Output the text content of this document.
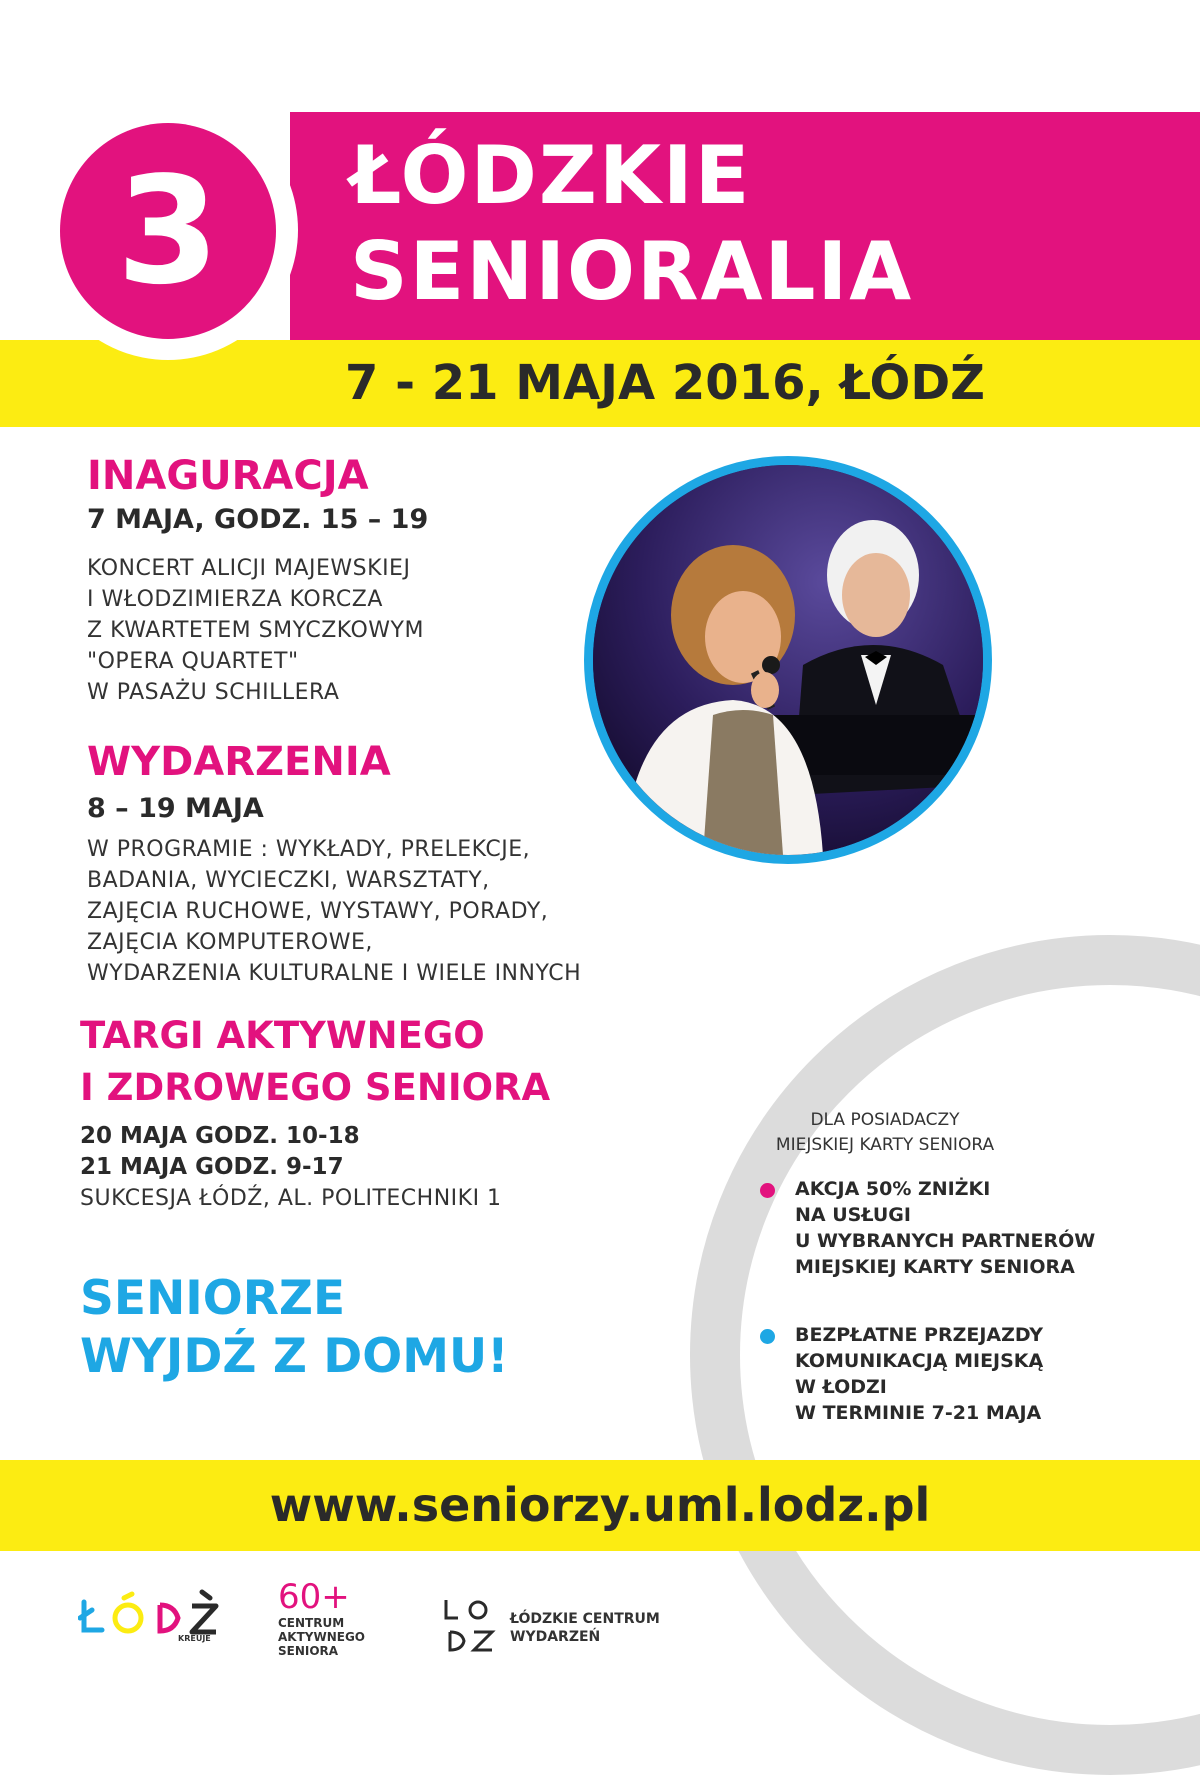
3	ŁÓDZKIE
SENIORALIA
7 - 21 MAJA 2016, ŁÓDŹ
INAGURACJA
7 MAJA, GODZ. 15 – 19
KONCERT ALICJI MAJEWSKIEJ
I WŁODZIMIERZA KORCZA
Z KWARTETEM SMYCZKOWYM
"OPERA QUARTET"
W PASAŻU SCHILLERA
WYDARZENIA
8 – 19 MAJA
W PROGRAMIE : WYKŁADY, PRELEKCJE,
BADANIA, WYCIECZKI, WARSZTATY,
ZAJĘCIA RUCHOWE, WYSTAWY, PORADY,
ZAJĘCIA KOMPUTEROWE,
WYDARZENIA KULTURALNE I WIELE INNYCH
TARGI AKTYWNEGO
I ZDROWEGO SENIORA
20 MAJA GODZ. 10-18
21 MAJA GODZ. 9-17
SUKCESJA ŁÓDŹ, AL. POLITECHNIKI 1
SENIORZE
WYJDŹ Z DOMU!
DLA POSIADACZY
MIEJSKIEJ KARTY SENIORA
AKCJA 50% ZNIŻKI
NA USŁUGI
U WYBRANYCH PARTNERÓW
MIEJSKIEJ KARTY SENIORA
BEZPŁATNE PRZEJAZDY
KOMUNIKACJĄ MIEJSKĄ
W ŁODZI
W TERMINIE 7-21 MAJA
www.seniorzy.uml.lodz.pl
KREUJE
60+
CENTRUM
AKTYWNEGO
SENIORA
ŁÓDZKIE CENTRUM
WYDARZEŃ
